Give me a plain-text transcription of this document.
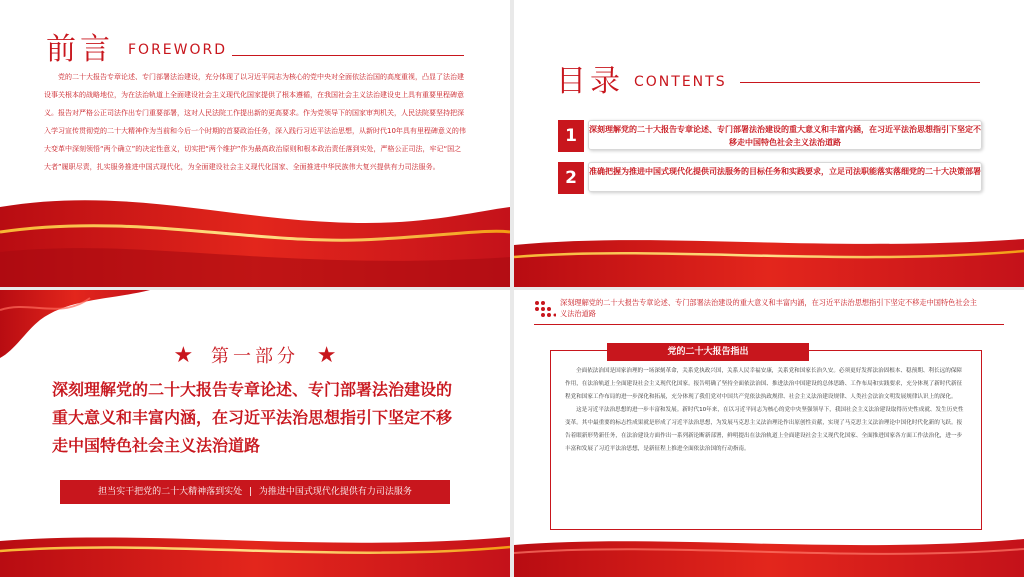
前言 FOREWORD
党的二十大报告专章论述、专门部署法治建设，充分体现了以习近平同志为核心的党中央对全面依法治国的高度重视，凸显了法治建设事关根本的战略地位，为在法治轨道上全面建设社会主义现代化国家提供了根本遵循，在我国社会主义法治建设史上具有重要里程碑意义。报告对严格公正司法作出专门重要部署，这对人民法院工作提出新的更高要求。作为党领导下的国家审判机关，人民法院要坚持把深入学习宣传贯彻党的二十大精神作为当前和今后一个时期的首要政治任务，深入践行习近平法治思想，从新时代10年具有里程碑意义的伟大变革中深刻领悟“两个确立”的决定性意义，切实把“两个维护”作为最高政治原则和根本政治责任落到实处，严格公正司法，牢记“国之大者”履职尽责，扎实服务推进中国式现代化，为全面建设社会主义现代化国家、全面推进中华民族伟大复兴提供有力司法服务。
目录 CONTENTS
1	深刻理解党的二十大报告专章论述、专门部署法治建设的重大意义和丰富内涵，在习近平法治思想指引下坚定不移走中国特色社会主义法治道路
2	准确把握为推进中国式现代化提供司法服务的目标任务和实践要求，立足司法职能落实落细党的二十大决策部署
★ 第一部分 ★
深刻理解党的二十大报告专章论述、专门部署法治建设的重大意义和丰富内涵，在习近平法治思想指引下坚定不移走中国特色社会主义法治道路
担当实干把党的二十大精神落到实处 | 为推进中国式现代化提供有力司法服务
深刻理解党的二十大报告专章论述、专门部署法治建设的重大意义和丰富内涵，在习近平法治思想指引下坚定不移走中国特色社会主义法治道路
党的二十大报告指出

全面依法治国是国家治理的一场深刻革命，关系党执政兴国，关系人民幸福安康，关系党和国家长治久安。必须更好发挥法治固根本、稳预期、利长远的保障作用，在法治轨道上全面建设社会主义现代化国家。报告明确了坚持全面依法治国、推进法治中国建设的总体思路、工作布局和实践要求，充分体现了新时代新征程党和国家工作布局的进一步深化和拓展，充分体现了我们党对中国共产党依法执政规律、社会主义法治建设规律、人类社会法治文明发展规律认识上的深化。

这是习近平法治思想的进一步丰富和发展。新时代10年来，在以习近平同志为核心的党中央坚强领导下，我国社会主义法治建设取得历史性成就、发生历史性变革。其中最重要的标志性成果就是形成了习近平法治思想，为发展马克思主义法治理论作出原创性贡献，实现了马克思主义法治理论中国化时代化新的飞跃。报告着眼新形势新任务，在法治建设方面作出一系列新论断新部署，鲜明提出在法治轨道上全面建设社会主义现代化国家、全面推进国家各方面工作法治化，进一步丰富和发展了习近平法治思想，是新征程上推进全面依法治国的行动指南。
